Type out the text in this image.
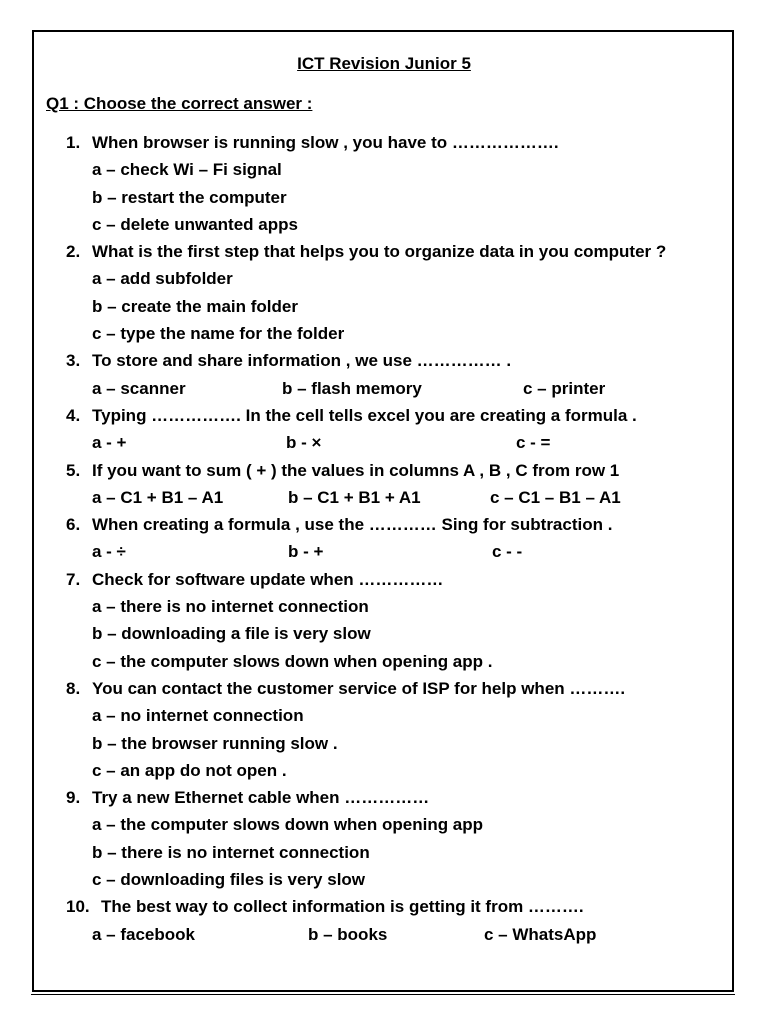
ICT Revision Junior 5
Q1 : Choose the correct answer :
1. When browser is running slow , you have to ……………….
a – check Wi – Fi signal
b – restart the computer
c – delete unwanted apps
2. What is the first step that helps you to organize data in you computer ?
a – add subfolder
b – create the main folder
c – type the name for the folder
3. To store and share information , we use …………… .
a – scanner	b – flash memory	c – printer
4. Typing ……………. In the cell tells excel you are creating a formula .
a - +	b - ×	c - =
5. If you want to sum ( + ) the values in columns A , B , C from row 1
a – C1 + B1 – A1	b – C1 + B1 + A1	c – C1 – B1 – A1
6. When creating a formula , use the ………… Sing for subtraction .
a - ÷	b - +	c - -
7. Check for software update when ……………
a – there is no internet connection
b – downloading a file is very slow
c – the computer slows down when opening app .
8. You can contact the customer service of ISP for help when ……….
a – no internet connection
b – the browser running slow .
c – an app do not open .
9. Try a new Ethernet cable when ……………
a – the computer slows down when opening app
b – there is no internet connection
c – downloading files is very slow
10. The best way to collect information is getting it from ……….
a – facebook	b – books	c – WhatsApp
